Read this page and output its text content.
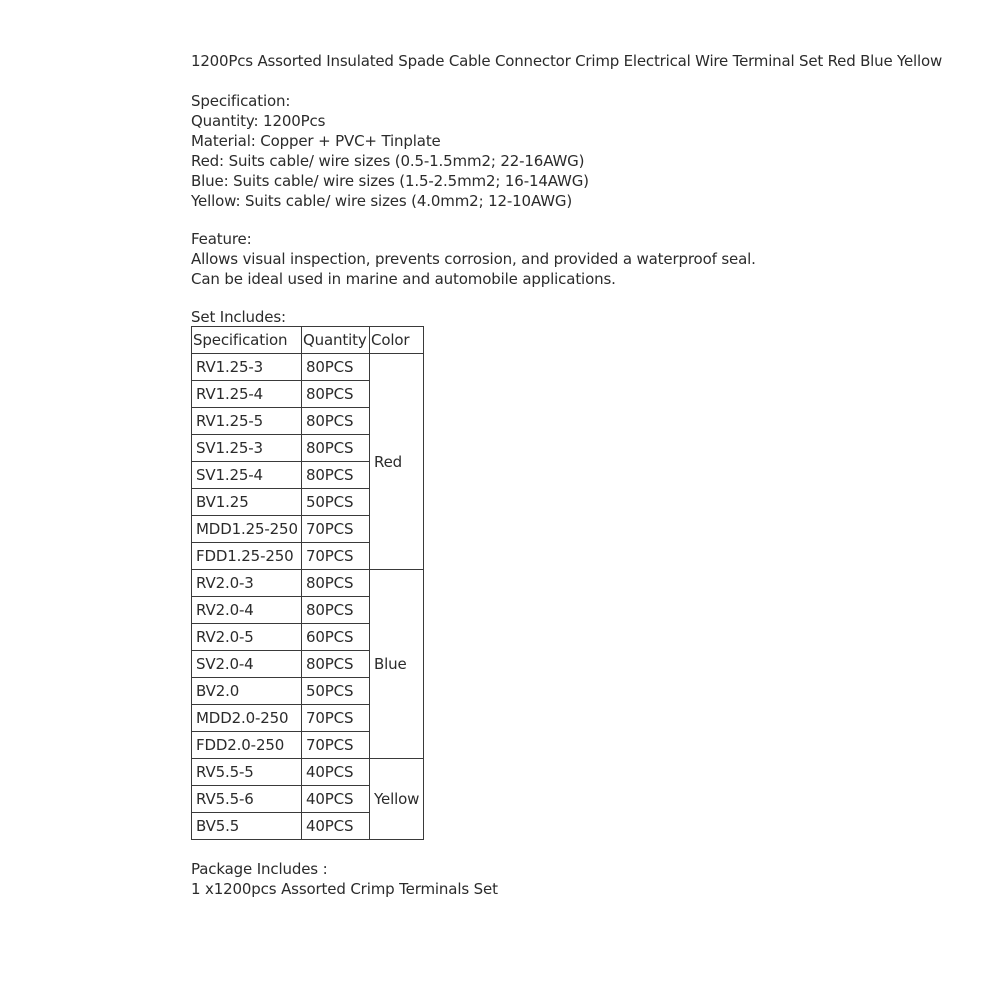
1200Pcs Assorted Insulated Spade Cable Connector Crimp Electrical Wire Terminal Set Red Blue Yellow
Specification:
Quantity: 1200Pcs
Material: Copper + PVC+ Tinplate
Red: Suits cable/ wire sizes (0.5-1.5mm2; 22-16AWG)
Blue: Suits cable/ wire sizes (1.5-2.5mm2; 16-14AWG)
Yellow: Suits cable/ wire sizes (4.0mm2; 12-10AWG)
Feature:
Allows visual inspection, prevents corrosion, and provided a waterproof seal.
Can be ideal used in marine and automobile applications.
Set Includes:
Specification	Quantity	Color
RV1.25-3	80PCS	Red
RV1.25-4	80PCS	
RV1.25-5	80PCS	
SV1.25-3	80PCS	
SV1.25-4	80PCS	
BV1.25	50PCS	
MDD1.25-250	70PCS	
FDD1.25-250	70PCS	
RV2.0-3	80PCS	Blue
RV2.0-4	80PCS	
RV2.0-5	60PCS	
SV2.0-4	80PCS	
BV2.0	50PCS	
MDD2.0-250	70PCS	
FDD2.0-250	70PCS	
RV5.5-5	40PCS	Yellow
RV5.5-6	40PCS	
BV5.5	40PCS	
Package Includes :
1 x1200pcs Assorted Crimp Terminals Set
